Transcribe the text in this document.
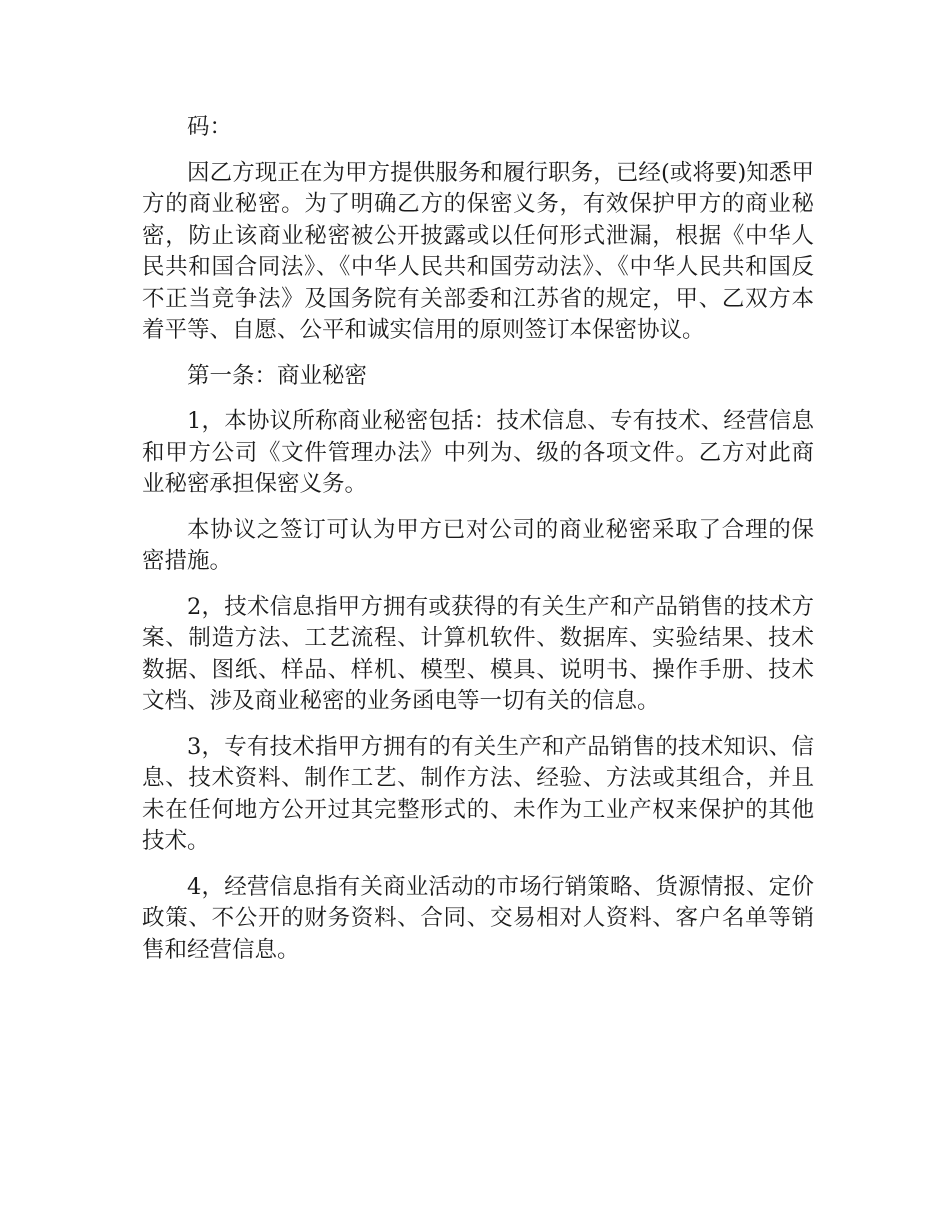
码：

因乙方现正在为甲方提供服务和履行职务，已经(或将要)知悉甲方的商业秘密。为了明确乙方的保密义务，有效保护甲方的商业秘密，防止该商业秘密被公开披露或以任何形式泄漏，根据《中华人民共和国合同法》、《中华人民共和国劳动法》、《中华人民共和国反不正当竞争法》及国务院有关部委和江苏省的规定，甲、乙双方本着平等、自愿、公平和诚实信用的原则签订本保密协议。

第一条：商业秘密

1，本协议所称商业秘密包括：技术信息、专有技术、经营信息和甲方公司《文件管理办法》中列为、级的各项文件。乙方对此商业秘密承担保密义务。

本协议之签订可认为甲方已对公司的商业秘密采取了合理的保密措施。

2，技术信息指甲方拥有或获得的有关生产和产品销售的技术方案、制造方法、工艺流程、计算机软件、数据库、实验结果、技术数据、图纸、样品、样机、模型、模具、说明书、操作手册、技术文档、涉及商业秘密的业务函电等一切有关的信息。

3，专有技术指甲方拥有的有关生产和产品销售的技术知识、信息、技术资料、制作工艺、制作方法、经验、方法或其组合，并且未在任何地方公开过其完整形式的、未作为工业产权来保护的其他技术。

4，经营信息指有关商业活动的市场行销策略、货源情报、定价政策、不公开的财务资料、合同、交易相对人资料、客户名单等销售和经营信息。
